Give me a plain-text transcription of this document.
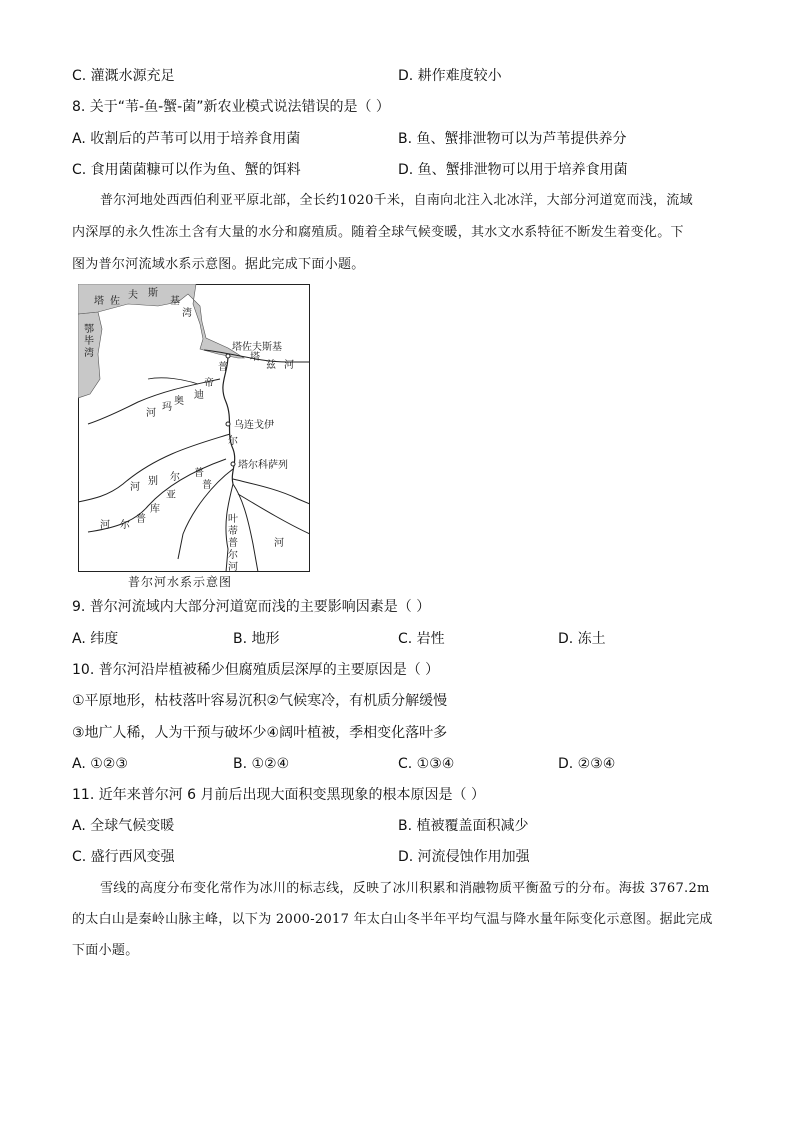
C. 灌溉水源充足	D. 耕作难度较小
8. 关于“苇-鱼-蟹-菌”新农业模式说法错误的是（ ）
A. 收割后的芦苇可以用于培养食用菌	B. 鱼、蟹排泄物可以为芦苇提供养分
C. 食用菌菌糠可以作为鱼、蟹的饵料	D. 鱼、蟹排泄物可以用于培养食用菌
普尔河地处西西伯利亚平原北部，全长约1020千米，自南向北注入北冰洋，大部分河道宽而浅，流域
内深厚的永久性冻土含有大量的水分和腐殖质。随着全球气候变暖，其水文水系特征不断发生着变化。下
图为普尔河流域水系示意图。据此完成下面小题。
塔 佐
夫 斯
基
湾
鄂
毕
湾
塔佐夫斯基
塔
兹 河
普
尔
帝
迪
奥
玛
河
乌连戈伊
塔尔科萨列
普
普
尔
别
河
亚
库
普
尔
河
叶
蒂
普
尔
河
河
普尔河水系示意图
9. 普尔河流域内大部分河道宽而浅的主要影响因素是（ ）
A. 纬度	B. 地形	C. 岩性	D. 冻土
10. 普尔河沿岸植被稀少但腐殖质层深厚的主要原因是（ ）
①平原地形，枯枝落叶容易沉积②气候寒冷，有机质分解缓慢
③地广人稀，人为干预与破坏少④阔叶植被，季相变化落叶多
A. ①②③	B. ①②④	C. ①③④	D. ②③④
11. 近年来普尔河 6 月前后出现大面积变黑现象的根本原因是（ ）
A. 全球气候变暖	B. 植被覆盖面积减少
C. 盛行西风变强	D. 河流侵蚀作用加强
雪线的高度分布变化常作为冰川的标志线，反映了冰川积累和消融物质平衡盈亏的分布。海拔 3767.2m
的太白山是秦岭山脉主峰，以下为 2000-2017 年太白山冬半年平均气温与降水量年际变化示意图。据此完成
下面小题。
